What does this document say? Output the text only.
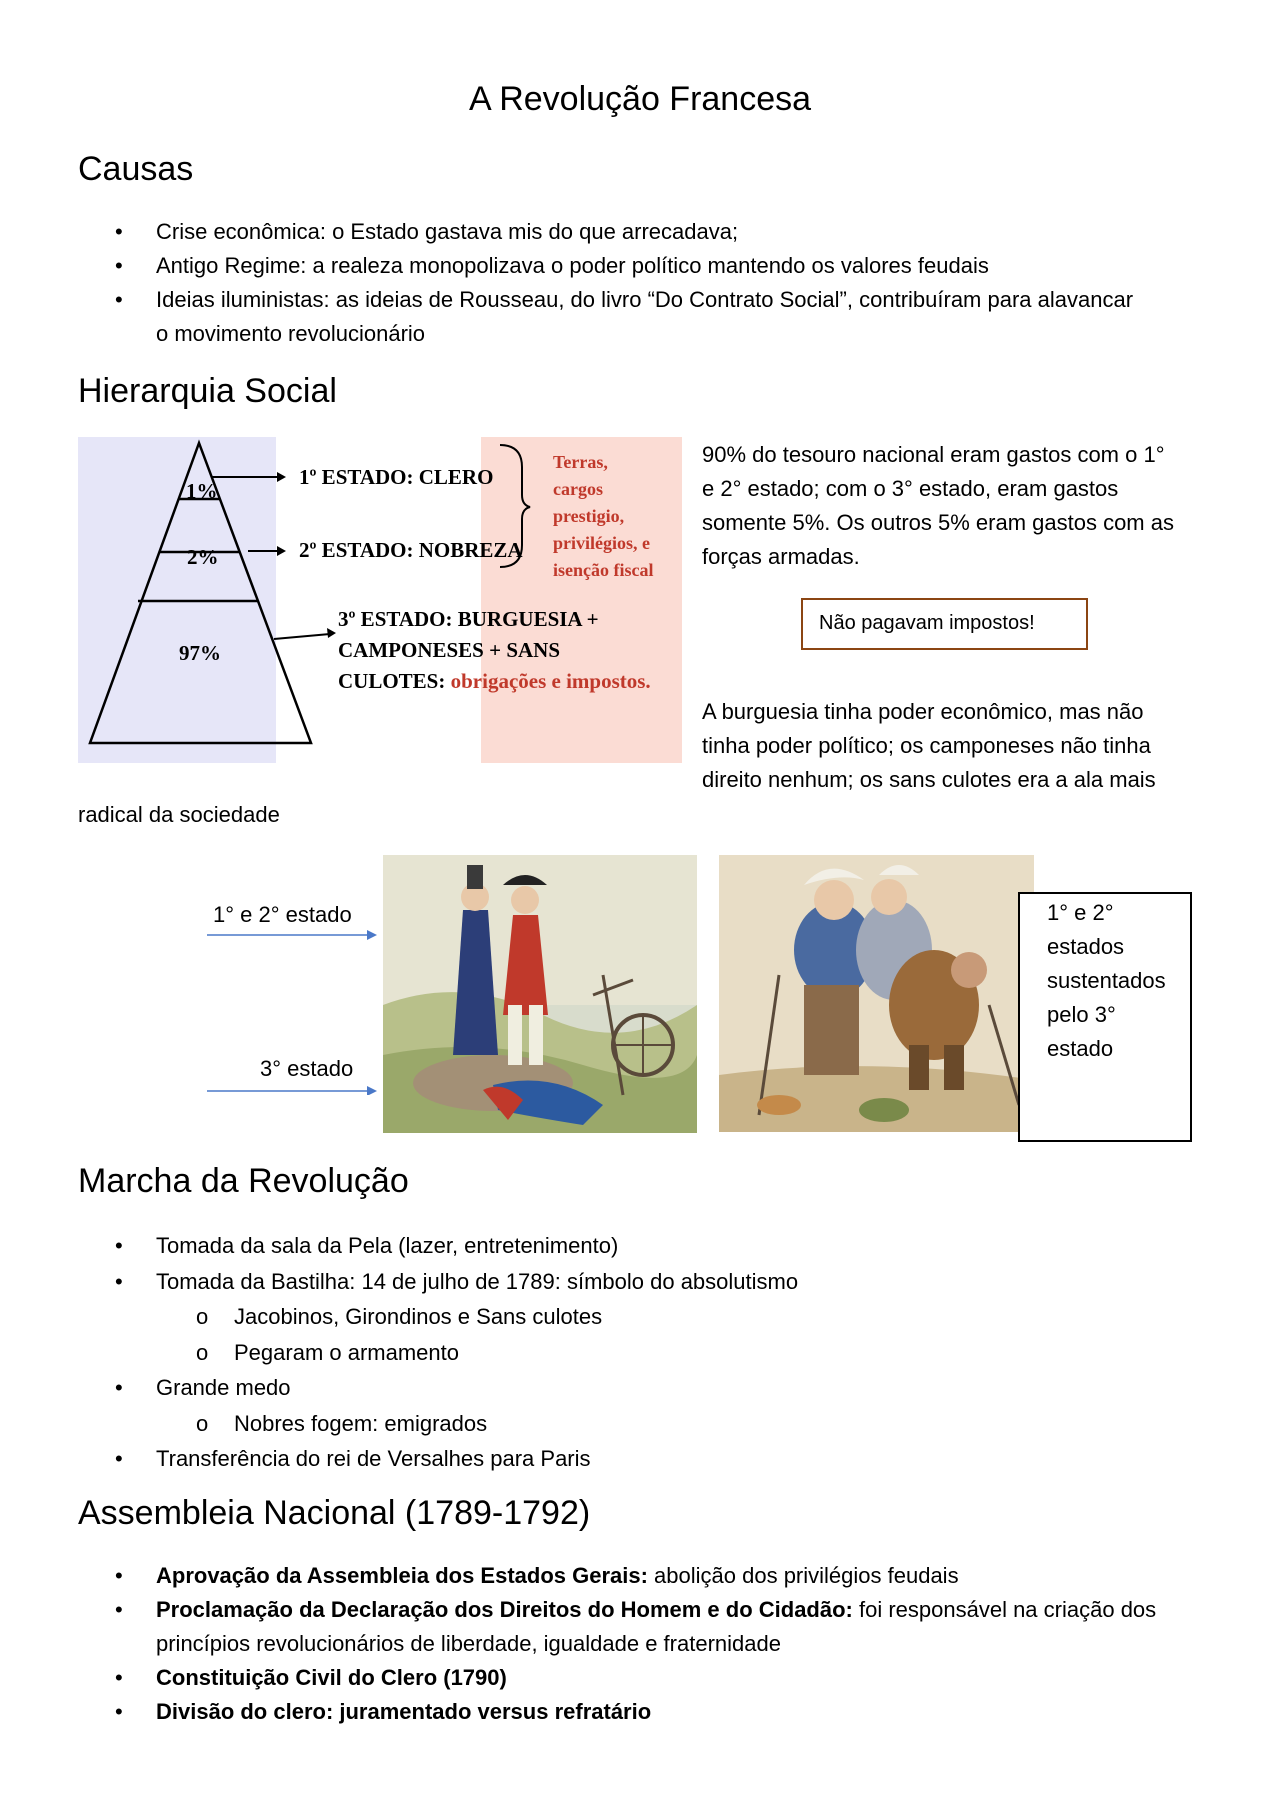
A Revolução Francesa
Causas
• Crise econômica: o Estado gastava mis do que arrecadava;
• Antigo Regime: a realeza monopolizava o poder político mantendo os valores feudais
• Ideias iluministas: as ideias de Rousseau, do livro “Do Contrato Social”, contribuíram para alavancar
o movimento revolucionário
Hierarquia Social
1%
2%
97%
1º ESTADO: CLERO
2º ESTADO: NOBREZA
3º ESTADO: BURGUESIA +
CAMPONESES + SANS
CULOTES: obrigações e impostos.
Terras,
cargos
prestigio,
privilégios, e
isenção fiscal
90% do tesouro nacional eram gastos com o 1°
e 2° estado; com o 3° estado, eram gastos
somente 5%. Os outros 5% eram gastos com as
forças armadas.
Não pagavam impostos!
A burguesia tinha poder econômico, mas não
tinha poder político; os camponeses não tinha
direito nenhum; os sans culotes era a ala mais
radical da sociedade
1° e 2° estado
3° estado
1° e 2°
estados
sustentados
pelo 3°
estado
Marcha da Revolução
• Tomada da sala da Pela (lazer, entretenimento)
• Tomada da Bastilha: 14 de julho de 1789: símbolo do absolutismo
o Jacobinos, Girondinos e Sans culotes
o Pegaram o armamento
• Grande medo
o Nobres fogem: emigrados
• Transferência do rei de Versalhes para Paris
Assembleia Nacional (1789-1792)
• Aprovação da Assembleia dos Estados Gerais: abolição dos privilégios feudais
• Proclamação da Declaração dos Direitos do Homem e do Cidadão: foi responsável na criação dos
princípios revolucionários de liberdade, igualdade e fraternidade
• Constituição Civil do Clero (1790)
• Divisão do clero: juramentado versus refratário
